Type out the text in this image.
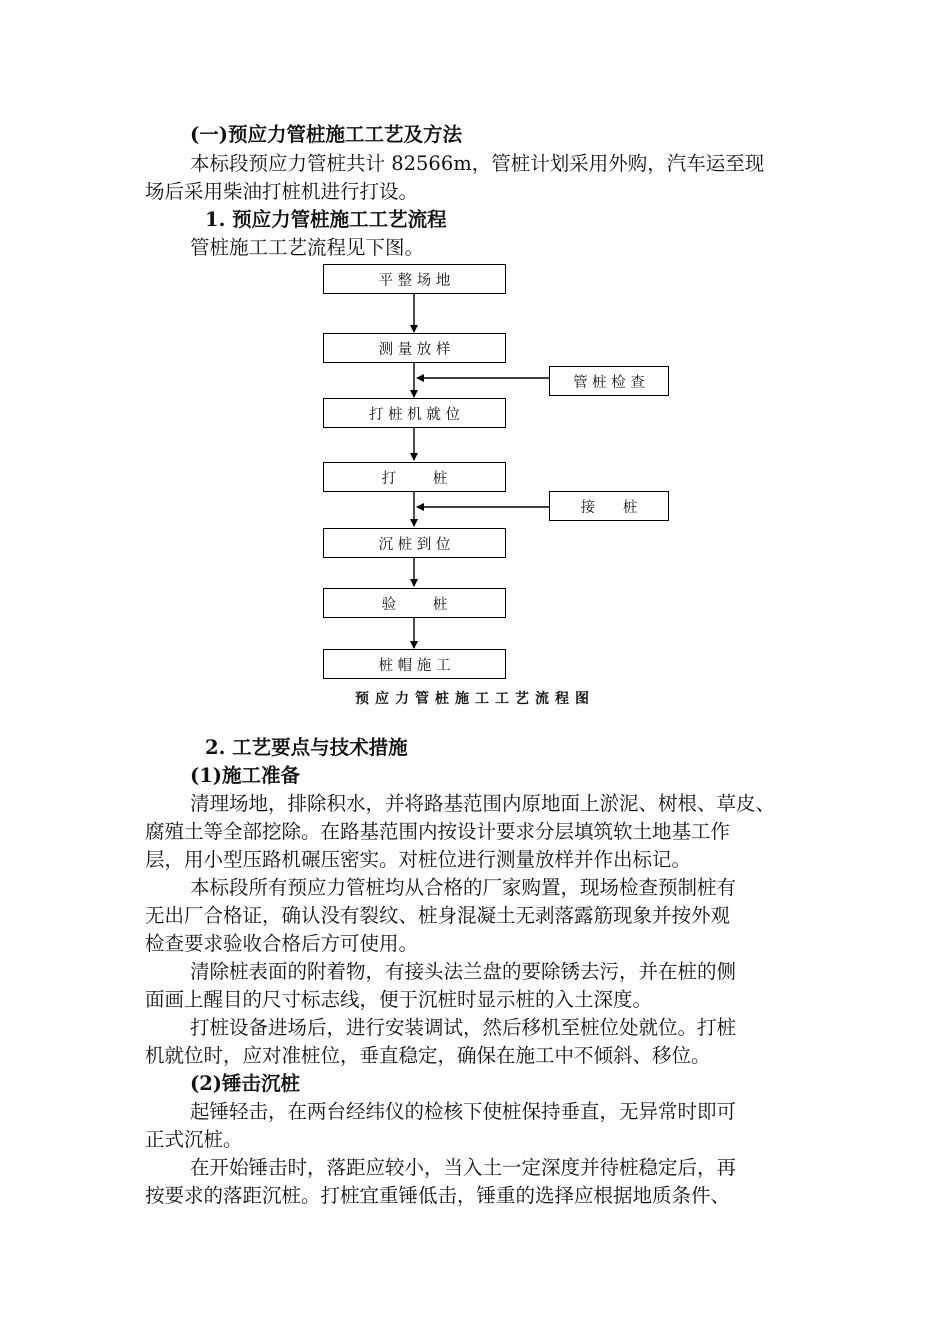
(一)预应力管桩施工工艺及方法
本标段预应力管桩共计 82566m，管桩计划采用外购，汽车运至现
场后采用柴油打桩机进行打设。
1. 预应力管桩施工工艺流程
管桩施工工艺流程见下图。
平 整 场 地
测 量 放 样
打 桩 机 就 位
打        桩
沉 桩 到 位
验        桩
桩 帽 施 工
管 桩 检 查
接      桩
预应力管桩施工工艺流程图
2. 工艺要点与技术措施
(1)施工准备
清理场地，排除积水，并将路基范围内原地面上淤泥、树根、草皮、
腐殖土等全部挖除。在路基范围内按设计要求分层填筑软土地基工作
层，用小型压路机碾压密实。对桩位进行测量放样并作出标记。
本标段所有预应力管桩均从合格的厂家购置，现场检查预制桩有
无出厂合格证，确认没有裂纹、桩身混凝土无剥落露筋现象并按外观
检查要求验收合格后方可使用。
清除桩表面的附着物，有接头法兰盘的要除锈去污，并在桩的侧
面画上醒目的尺寸标志线，便于沉桩时显示桩的入土深度。
打桩设备进场后，进行安装调试，然后移机至桩位处就位。打桩
机就位时，应对准桩位，垂直稳定，确保在施工中不倾斜、移位。
(2)锤击沉桩
起锤轻击，在两台经纬仪的检核下使桩保持垂直，无异常时即可
正式沉桩。
在开始锤击时，落距应较小，当入土一定深度并待桩稳定后，再
按要求的落距沉桩。打桩宜重锤低击，锤重的选择应根据地质条件、
